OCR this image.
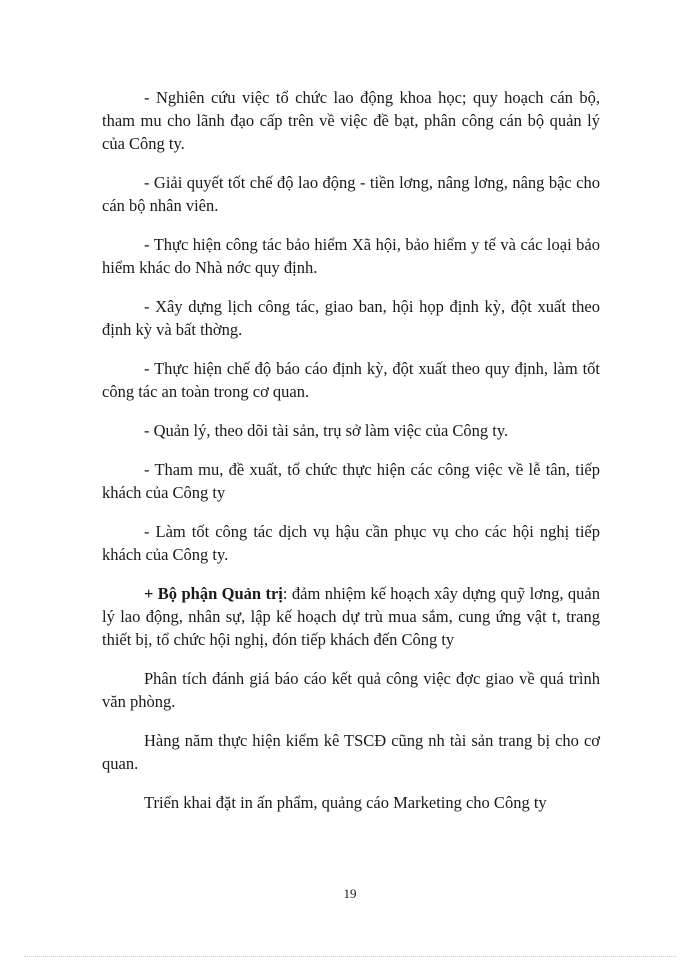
- Nghiên cứu việc tổ chức lao động khoa học; quy hoạch cán bộ, tham mu cho lãnh đạo cấp trên về việc đề bạt, phân công cán bộ quản lý của Công ty.

- Giải quyết tốt chế độ lao động - tiền lơng, nâng lơng, nâng bậc cho cán bộ nhân viên.

- Thực hiện công tác bảo hiểm Xã hội, bảo hiểm y tế và các loại bảo hiểm khác do Nhà nớc quy định.

- Xây dựng lịch công tác, giao ban, hội họp định kỳ, đột xuất theo định kỳ và bất thờng.

- Thực hiện chế độ báo cáo định kỳ, đột xuất theo quy định, làm tốt công tác an toàn trong cơ quan.

- Quản lý, theo dõi tài sản, trụ sở làm việc của Công ty.

- Tham mu, đề xuất, tổ chức thực hiện các công việc về lễ tân, tiếp khách của Công ty

- Làm tốt công tác dịch vụ hậu cần phục vụ cho các hội nghị tiếp khách của Công ty.

+ Bộ phận Quản trị: đảm nhiệm kế hoạch xây dựng quỹ lơng, quản lý lao động, nhân sự, lập kế hoạch dự trù mua sắm, cung ứng vật t, trang thiết bị, tổ chức hội nghị, đón tiếp khách đến Công ty

Phân tích đánh giá báo cáo kết quả công việc đợc giao về quá trình văn phòng.

Hàng năm thực hiện kiểm kê TSCĐ cũng nh tài sản trang bị cho cơ quan.

Triển khai đặt in ấn phẩm, quảng cáo Marketing cho Công ty

19
